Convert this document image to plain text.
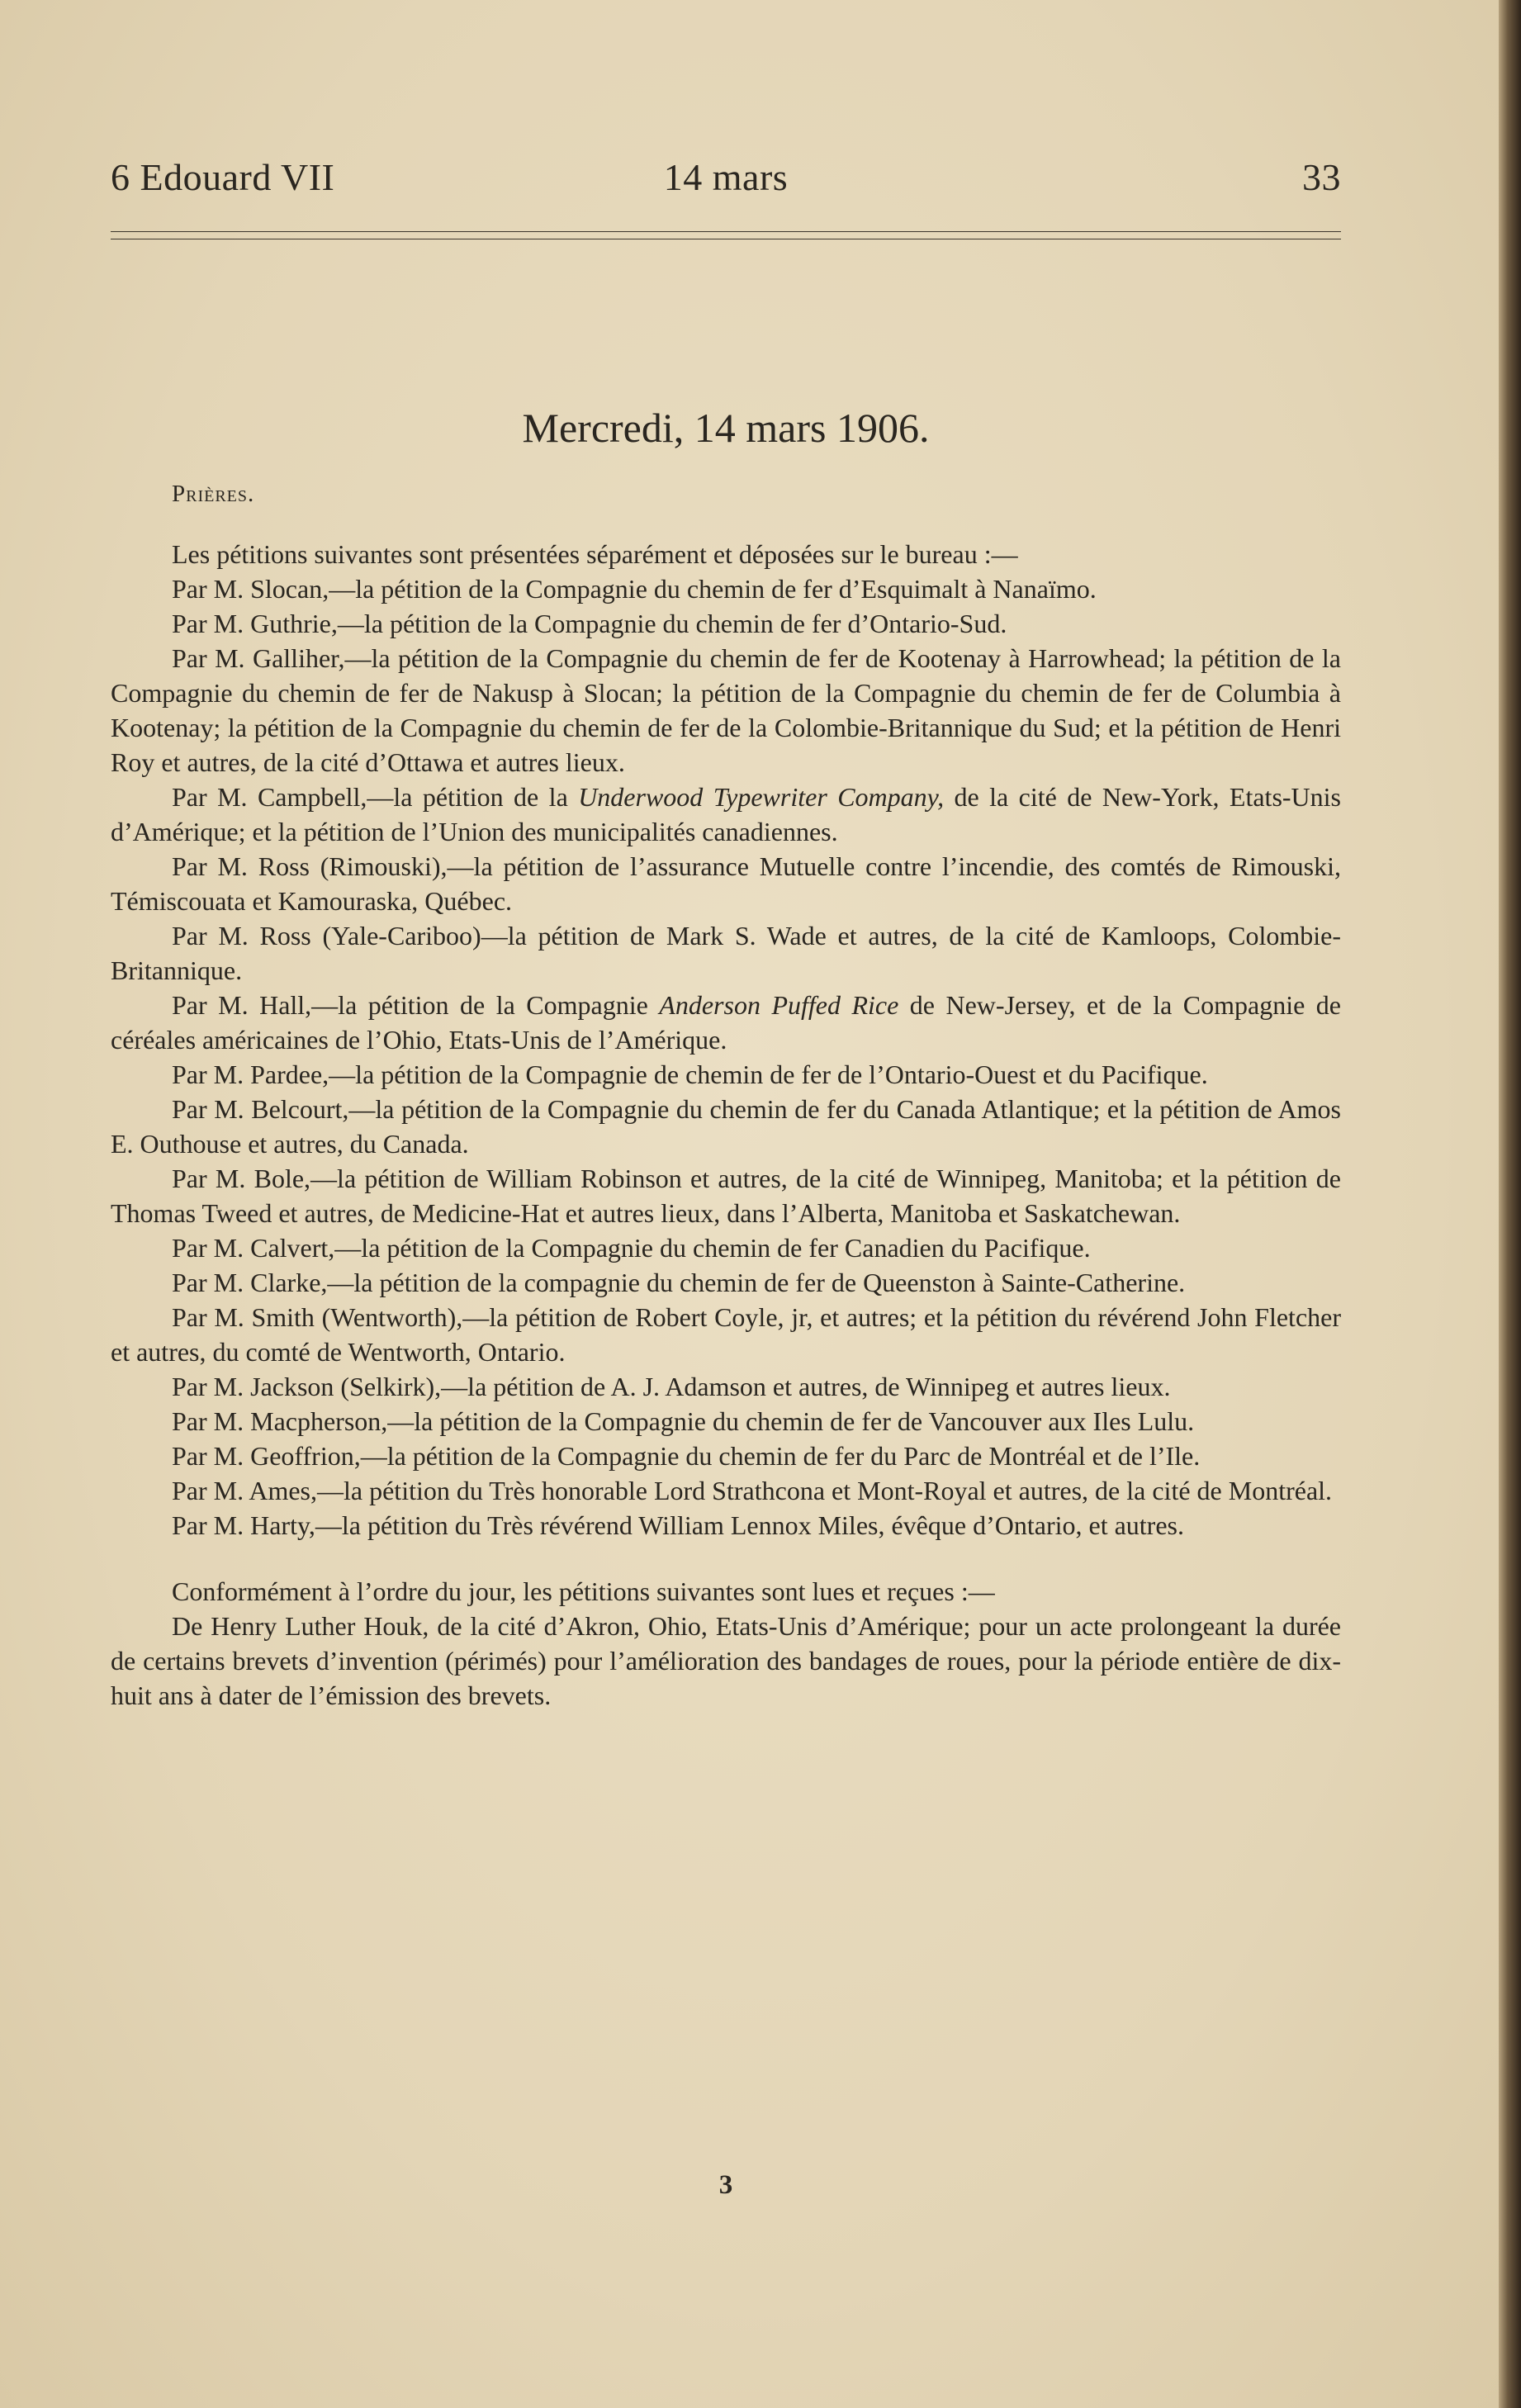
14 mars
6 Edouard VII	33
Mercredi, 14 mars 1906.
Prières.

Les pétitions suivantes sont présentées séparément et déposées sur le bureau :—

Par M. Slocan,—la pétition de la Compagnie du chemin de fer d’Esquimalt à Nanaïmo.

Par M. Guthrie,—la pétition de la Compagnie du chemin de fer d’Ontario-Sud.

Par M. Galliher,—la pétition de la Compagnie du chemin de fer de Kootenay à Harrowhead; la pétition de la Compagnie du chemin de fer de Nakusp à Slocan; la pétition de la Compagnie du chemin de fer de Columbia à Kootenay; la pétition de la Compagnie du chemin de fer de la Colombie-Britannique du Sud; et la pétition de Henri Roy et autres, de la cité d’Ottawa et autres lieux.

Par M. Campbell,—la pétition de la Underwood Typewriter Company, de la cité de New-York, Etats-Unis d’Amérique; et la pétition de l’Union des municipalités canadiennes.

Par M. Ross (Rimouski),—la pétition de l’assurance Mutuelle contre l’incendie, des comtés de Rimouski, Témiscouata et Kamouraska, Québec.

Par M. Ross (Yale-Cariboo)—la pétition de Mark S. Wade et autres, de la cité de Kamloops, Colombie-Britannique.

Par M. Hall,—la pétition de la Compagnie Anderson Puffed Rice de New-Jersey, et de la Compagnie de céréales américaines de l’Ohio, Etats-Unis de l’Amérique.

Par M. Pardee,—la pétition de la Compagnie de chemin de fer de l’Ontario-Ouest et du Pacifique.

Par M. Belcourt,—la pétition de la Compagnie du chemin de fer du Canada Atlantique; et la pétition de Amos E. Outhouse et autres, du Canada.

Par M. Bole,—la pétition de William Robinson et autres, de la cité de Winnipeg, Manitoba; et la pétition de Thomas Tweed et autres, de Medicine-Hat et autres lieux, dans l’Alberta, Manitoba et Saskatchewan.

Par M. Calvert,—la pétition de la Compagnie du chemin de fer Canadien du Pacifique.

Par M. Clarke,—la pétition de la compagnie du chemin de fer de Queenston à Sainte-Catherine.

Par M. Smith (Wentworth),—la pétition de Robert Coyle, jr, et autres; et la pétition du révérend John Fletcher et autres, du comté de Wentworth, Ontario.

Par M. Jackson (Selkirk),—la pétition de A. J. Adamson et autres, de Winnipeg et autres lieux.

Par M. Macpherson,—la pétition de la Compagnie du chemin de fer de Vancouver aux Iles Lulu.

Par M. Geoffrion,—la pétition de la Compagnie du chemin de fer du Parc de Montréal et de l’Ile.

Par M. Ames,—la pétition du Très honorable Lord Strathcona et Mont-Royal et autres, de la cité de Montréal.

Par M. Harty,—la pétition du Très révérend William Lennox Miles, évêque d’Ontario, et autres.

Conformément à l’ordre du jour, les pétitions suivantes sont lues et reçues :—

De Henry Luther Houk, de la cité d’Akron, Ohio, Etats-Unis d’Amérique; pour un acte prolongeant la durée de certains brevets d’invention (périmés) pour l’amélioration des bandages de roues, pour la période entière de dix-huit ans à dater de l’émission des brevets.

3
